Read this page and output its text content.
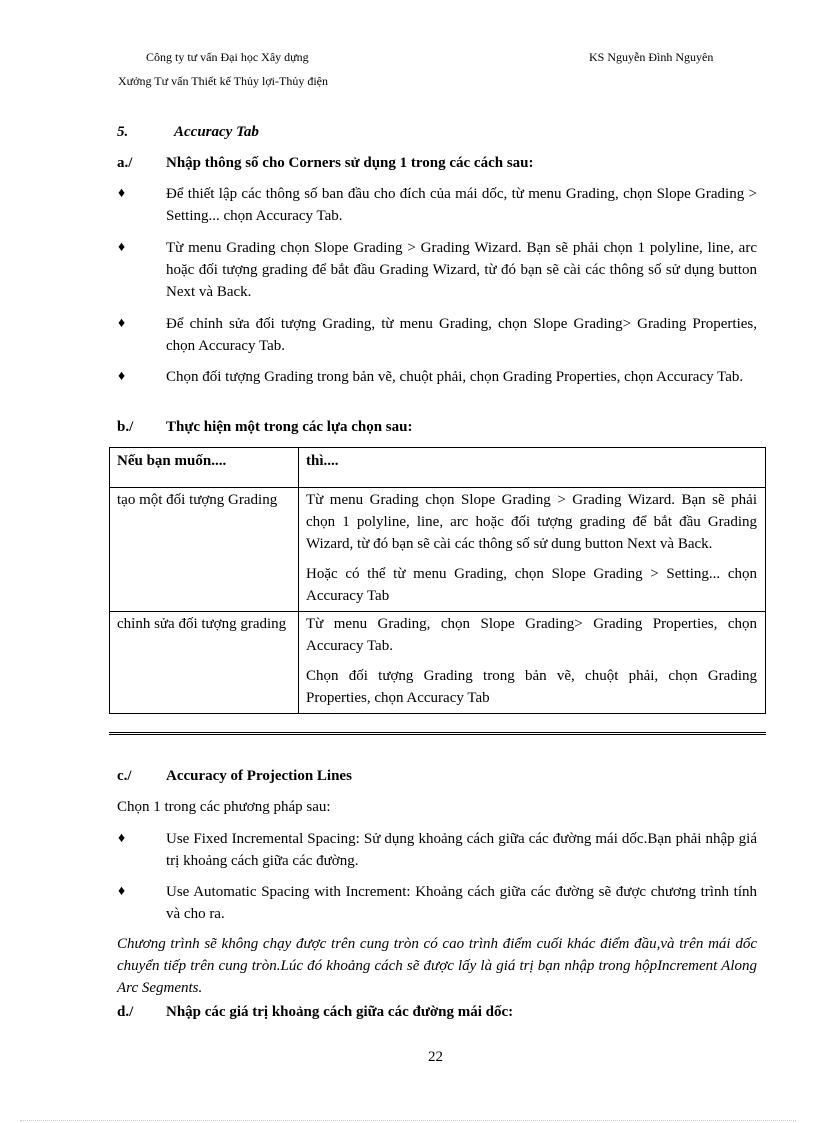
Công ty tư vấn Đại học Xây dựng	KS Nguyễn Đình Nguyên
Xưởng Tư vấn Thiết kế Thủy lợi-Thủy điện
5.	Accuracy Tab
a./ Nhập thông số cho Corners sử dụng 1 trong các cách sau:
♦	Để thiết lập các thông số ban đầu cho đích của mái dốc, từ menu Grading, chọn Slope Grading > Setting... chọn Accuracy Tab.
♦	Từ menu Grading chọn Slope Grading > Grading Wizard. Bạn sẽ phải chọn 1 polyline, line, arc hoặc đối tượng grading để bắt đầu Grading Wizard, từ đó bạn sẽ cài các thông số sử dụng button Next và Back.
♦	Để chỉnh sửa đối tượng Grading, từ menu Grading, chọn Slope Grading> Grading Properties, chọn Accuracy Tab.
♦	Chọn đối tượng Grading trong bản vẽ, chuột phải, chọn Grading Properties, chọn Accuracy Tab.
b./ Thực hiện một trong các lựa chọn sau:
Nếu bạn muốn....	thì....
tạo một đối tượng Grading	Từ menu Grading chọn Slope Grading > Grading Wizard. Bạn sẽ phải chọn 1 polyline, line, arc hoặc đối tượng grading để bắt đầu Grading Wizard, từ đó bạn sẽ cài các thông số sử dung button Next và Back.

Hoặc có thể từ menu Grading, chọn Slope Grading > Setting... chọn Accuracy Tab

chỉnh sửa đối tượng grading	Từ menu Grading, chọn Slope Grading> Grading Properties, chọn Accuracy Tab.

Chọn đối tượng Grading trong bản vẽ, chuột phải, chọn Grading Properties, chọn Accuracy Tab

c./ Accuracy of Projection Lines
Chọn 1 trong các phương pháp sau:
♦	Use Fixed Incremental Spacing: Sử dụng khoảng cách giữa các đường mái dốc.Bạn phải nhập giá trị khoảng cách giữa các đường.
♦	Use Automatic Spacing with Increment: Khoảng cách giữa các đường sẽ được chương trình tính và cho ra.
Chương trình sẽ không chạy được trên cung tròn có cao trình điểm cuối khác điểm đầu,và trên mái dốc chuyển tiếp trên cung tròn.Lúc đó khoảng cách sẽ được lấy là giá trị bạn nhập trong hộpIncrement Along Arc Segments.
d./ Nhập các giá trị khoảng cách giữa các đường mái dốc:
22
